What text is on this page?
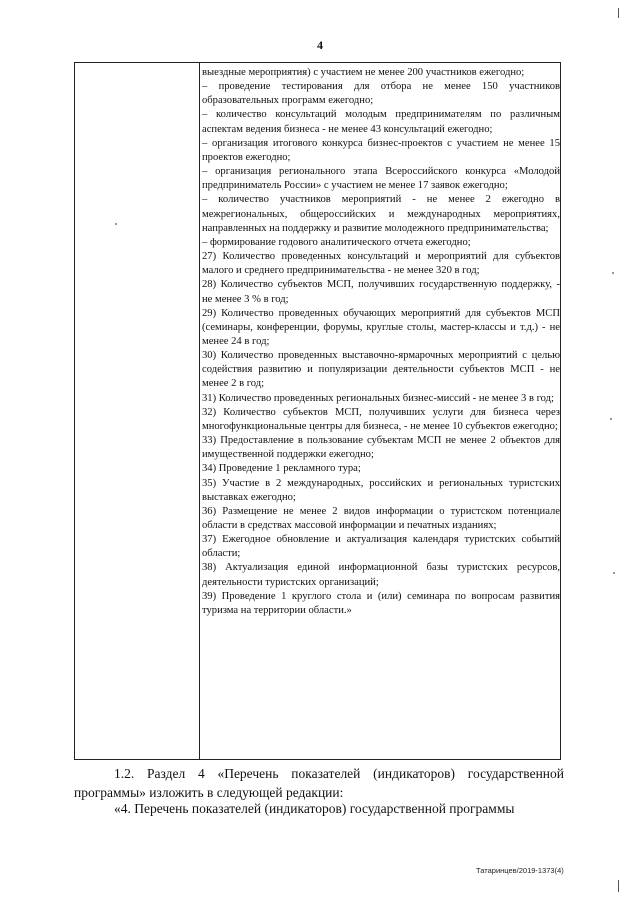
4

выездные мероприятия) с участием не менее 200 участников ежегодно;

– проведение тестирования для отбора не менее 150 участников образовательных программ ежегодно;

– количество консультаций молодым предпринимателям по различным аспектам ведения бизнеса - не менее 43 консультаций ежегодно;

– организация итогового конкурса бизнес-проектов с участием не менее 15 проектов ежегодно;

– организация регионального этапа Всероссийского конкурса «Молодой предприниматель России» с участием не менее 17 заявок ежегодно;

– количество участников мероприятий - не менее 2 ежегодно в межрегиональных, общероссийских и международных мероприятиях, направленных на поддержку и развитие молодежного предпринимательства;

– формирование годового аналитического отчета ежегодно;

27) Количество проведенных консультаций и мероприятий для субъектов малого и среднего предпринимательства - не менее 320 в год;

28) Количество субъектов МСП, получивших государственную поддержку, - не менее 3 % в год;

29) Количество проведенных обучающих мероприятий для субъектов МСП (семинары, конференции, форумы, круглые столы, мастер-классы и т.д.) - не менее 24 в год;

30) Количество проведенных выставочно-ярмарочных мероприятий с целью содействия развитию и популяризации деятельности субъектов МСП - не менее 2 в год;

31) Количество проведенных региональных бизнес-миссий - не менее 3 в год;

32) Количество субъектов МСП, получивших услуги для бизнеса через многофункциональные центры для бизнеса, - не менее 10 субъектов ежегодно;

33) Предоставление в пользование субъектам МСП не менее 2 объектов для имущественной поддержки ежегодно;

34) Проведение 1 рекламного тура;

35) Участие в 2 международных, российских и региональных туристских выставках ежегодно;

36) Размещение не менее 2 видов информации о туристском потенциале области в средствах массовой информации и печатных изданиях;

37) Ежегодное обновление и актуализация календаря туристских событий области;

38) Актуализация единой информационной базы туристских ресурсов, деятельности туристских организаций;

39) Проведение 1 круглого стола и (или) семинара по вопросам развития туризма на территории области.»

1.2. Раздел 4 «Перечень показателей (индикаторов) государственной программы» изложить в следующей редакции:
«4. Перечень показателей (индикаторов) государственной программы
Татаринцев/2019-1373(4)
